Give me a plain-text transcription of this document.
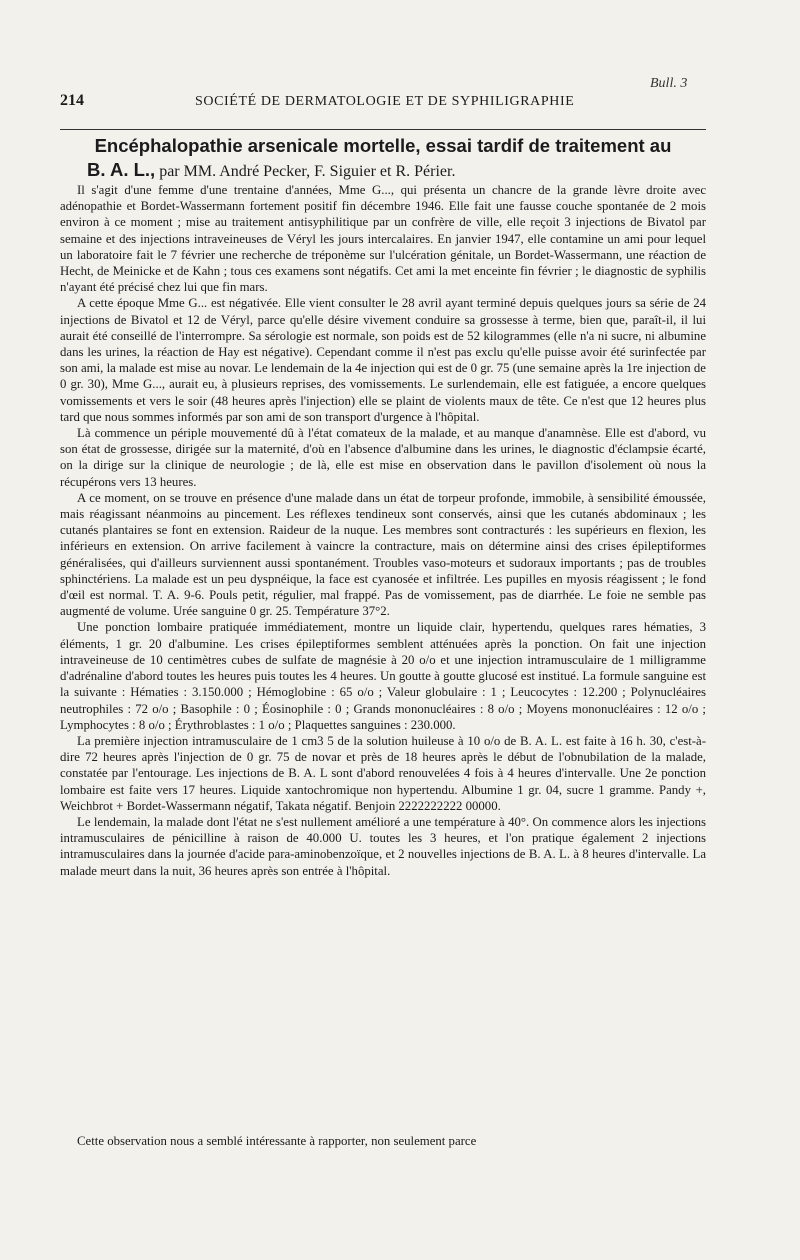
Bull. 3
214	SOCIÉTÉ DE DERMATOLOGIE ET DE SYPHILIGRAPHIE
Encéphalopathie arsenicale mortelle, essai tardif de traitement au
B. A. L., par MM. André Pecker, F. Siguier et R. Périer.

Il s'agit d'une femme d'une trentaine d'années, Mme G..., qui présenta un chancre de la grande lèvre droite avec adénopathie et Bordet-Wassermann fortement positif fin décembre 1946. Elle fait une fausse couche spontanée de 2 mois environ à ce moment ; mise au traitement antisyphilitique par un confrère de ville, elle reçoit 3 injections de Bivatol par semaine et des injections intraveineuses de Véryl les jours intercalaires. En janvier 1947, elle contamine un ami pour lequel un laboratoire fait le 7 février une recherche de tréponème sur l'ulcération génitale, un Bordet-Wassermann, une réaction de Hecht, de Meinicke et de Kahn ; tous ces examens sont négatifs. Cet ami la met enceinte fin février ; le diagnostic de syphilis n'ayant été précisé chez lui que fin mars.

A cette époque Mme G... est négativée. Elle vient consulter le 28 avril ayant terminé depuis quelques jours sa série de 24 injections de Bivatol et 12 de Véryl, parce qu'elle désire vivement conduire sa grossesse à terme, bien que, paraît-il, il lui aurait été conseillé de l'interrompre. Sa sérologie est normale, son poids est de 52 kilogrammes (elle n'a ni sucre, ni albumine dans les urines, la réaction de Hay est négative). Cependant comme il n'est pas exclu qu'elle puisse avoir été surinfectée par son ami, la malade est mise au novar. Le lendemain de la 4e injection qui est de 0 gr. 75 (une semaine après la 1re injection de 0 gr. 30), Mme G..., aurait eu, à plusieurs reprises, des vomissements. Le surlendemain, elle est fatiguée, a encore quelques vomissements et vers le soir (48 heures après l'injection) elle se plaint de violents maux de tête. Ce n'est que 12 heures plus tard que nous sommes informés par son ami de son transport d'urgence à l'hôpital.

Là commence un périple mouvementé dû à l'état comateux de la malade, et au manque d'anamnèse. Elle est d'abord, vu son état de grossesse, dirigée sur la maternité, d'où en l'absence d'albumine dans les urines, le diagnostic d'éclampsie écarté, on la dirige sur la clinique de neurologie ; de là, elle est mise en observation dans le pavillon d'isolement où nous la récupérons vers 13 heures.

A ce moment, on se trouve en présence d'une malade dans un état de torpeur profonde, immobile, à sensibilité émoussée, mais réagissant néanmoins au pincement. Les réflexes tendineux sont conservés, ainsi que les cutanés abdominaux ; les cutanés plantaires se font en extension. Raideur de la nuque. Les membres sont contracturés : les supérieurs en flexion, les inférieurs en extension. On arrive facilement à vaincre la contracture, mais on détermine ainsi des crises épileptiformes généralisées, qui d'ailleurs surviennent aussi spontanément. Troubles vaso-moteurs et sudoraux importants ; pas de troubles sphinctériens. La malade est un peu dyspnéique, la face est cyanosée et infiltrée. Les pupilles en myosis réagissent ; le fond d'œil est normal. T. A. 9-6. Pouls petit, régulier, mal frappé. Pas de vomissement, pas de diarrhée. Le foie ne semble pas augmenté de volume. Urée sanguine 0 gr. 25. Température 37°2.

Une ponction lombaire pratiquée immédiatement, montre un liquide clair, hypertendu, quelques rares hématies, 3 éléments, 1 gr. 20 d'albumine. Les crises épileptiformes semblent atténuées après la ponction. On fait une injection intraveineuse de 10 centimètres cubes de sulfate de magnésie à 20 o/o et une injection intramusculaire de 1 milligramme d'adrénaline d'abord toutes les heures puis toutes les 4 heures. Un goutte à goutte glucosé est institué. La formule sanguine est la suivante : Hématies : 3.150.000 ; Hémoglobine : 65 o/o ; Valeur globulaire : 1 ; Leucocytes : 12.200 ; Polynucléaires neutrophiles : 72 o/o ; Basophile : 0 ; Éosinophile : 0 ; Grands mononucléaires : 8 o/o ; Moyens mononucléaires : 12 o/o ; Lymphocytes : 8 o/o ; Érythroblastes : 1 o/o ; Plaquettes sanguines : 230.000.

La première injection intramusculaire de 1 cm3 5 de la solution huileuse à 10 o/o de B. A. L. est faite à 16 h. 30, c'est-à-dire 72 heures après l'injection de 0 gr. 75 de novar et près de 18 heures après le début de l'obnubilation de la malade, constatée par l'entourage. Les injections de B. A. L sont d'abord renouvelées 4 fois à 4 heures d'intervalle. Une 2e ponction lombaire est faite vers 17 heures. Liquide xantochromique non hypertendu. Albumine 1 gr. 04, sucre 1 gramme. Pandy +, Weichbrot + Bordet-Wassermann négatif, Takata négatif. Benjoin 2222222222 00000.

Le lendemain, la malade dont l'état ne s'est nullement amélioré a une température à 40°. On commence alors les injections intramusculaires de pénicilline à raison de 40.000 U. toutes les 3 heures, et l'on pratique également 2 injections intramusculaires dans la journée d'acide para-aminobenzoïque, et 2 nouvelles injections de B. A. L. à 8 heures d'intervalle. La malade meurt dans la nuit, 36 heures après son entrée à l'hôpital.

Cette observation nous a semblé intéressante à rapporter, non seulement parce
